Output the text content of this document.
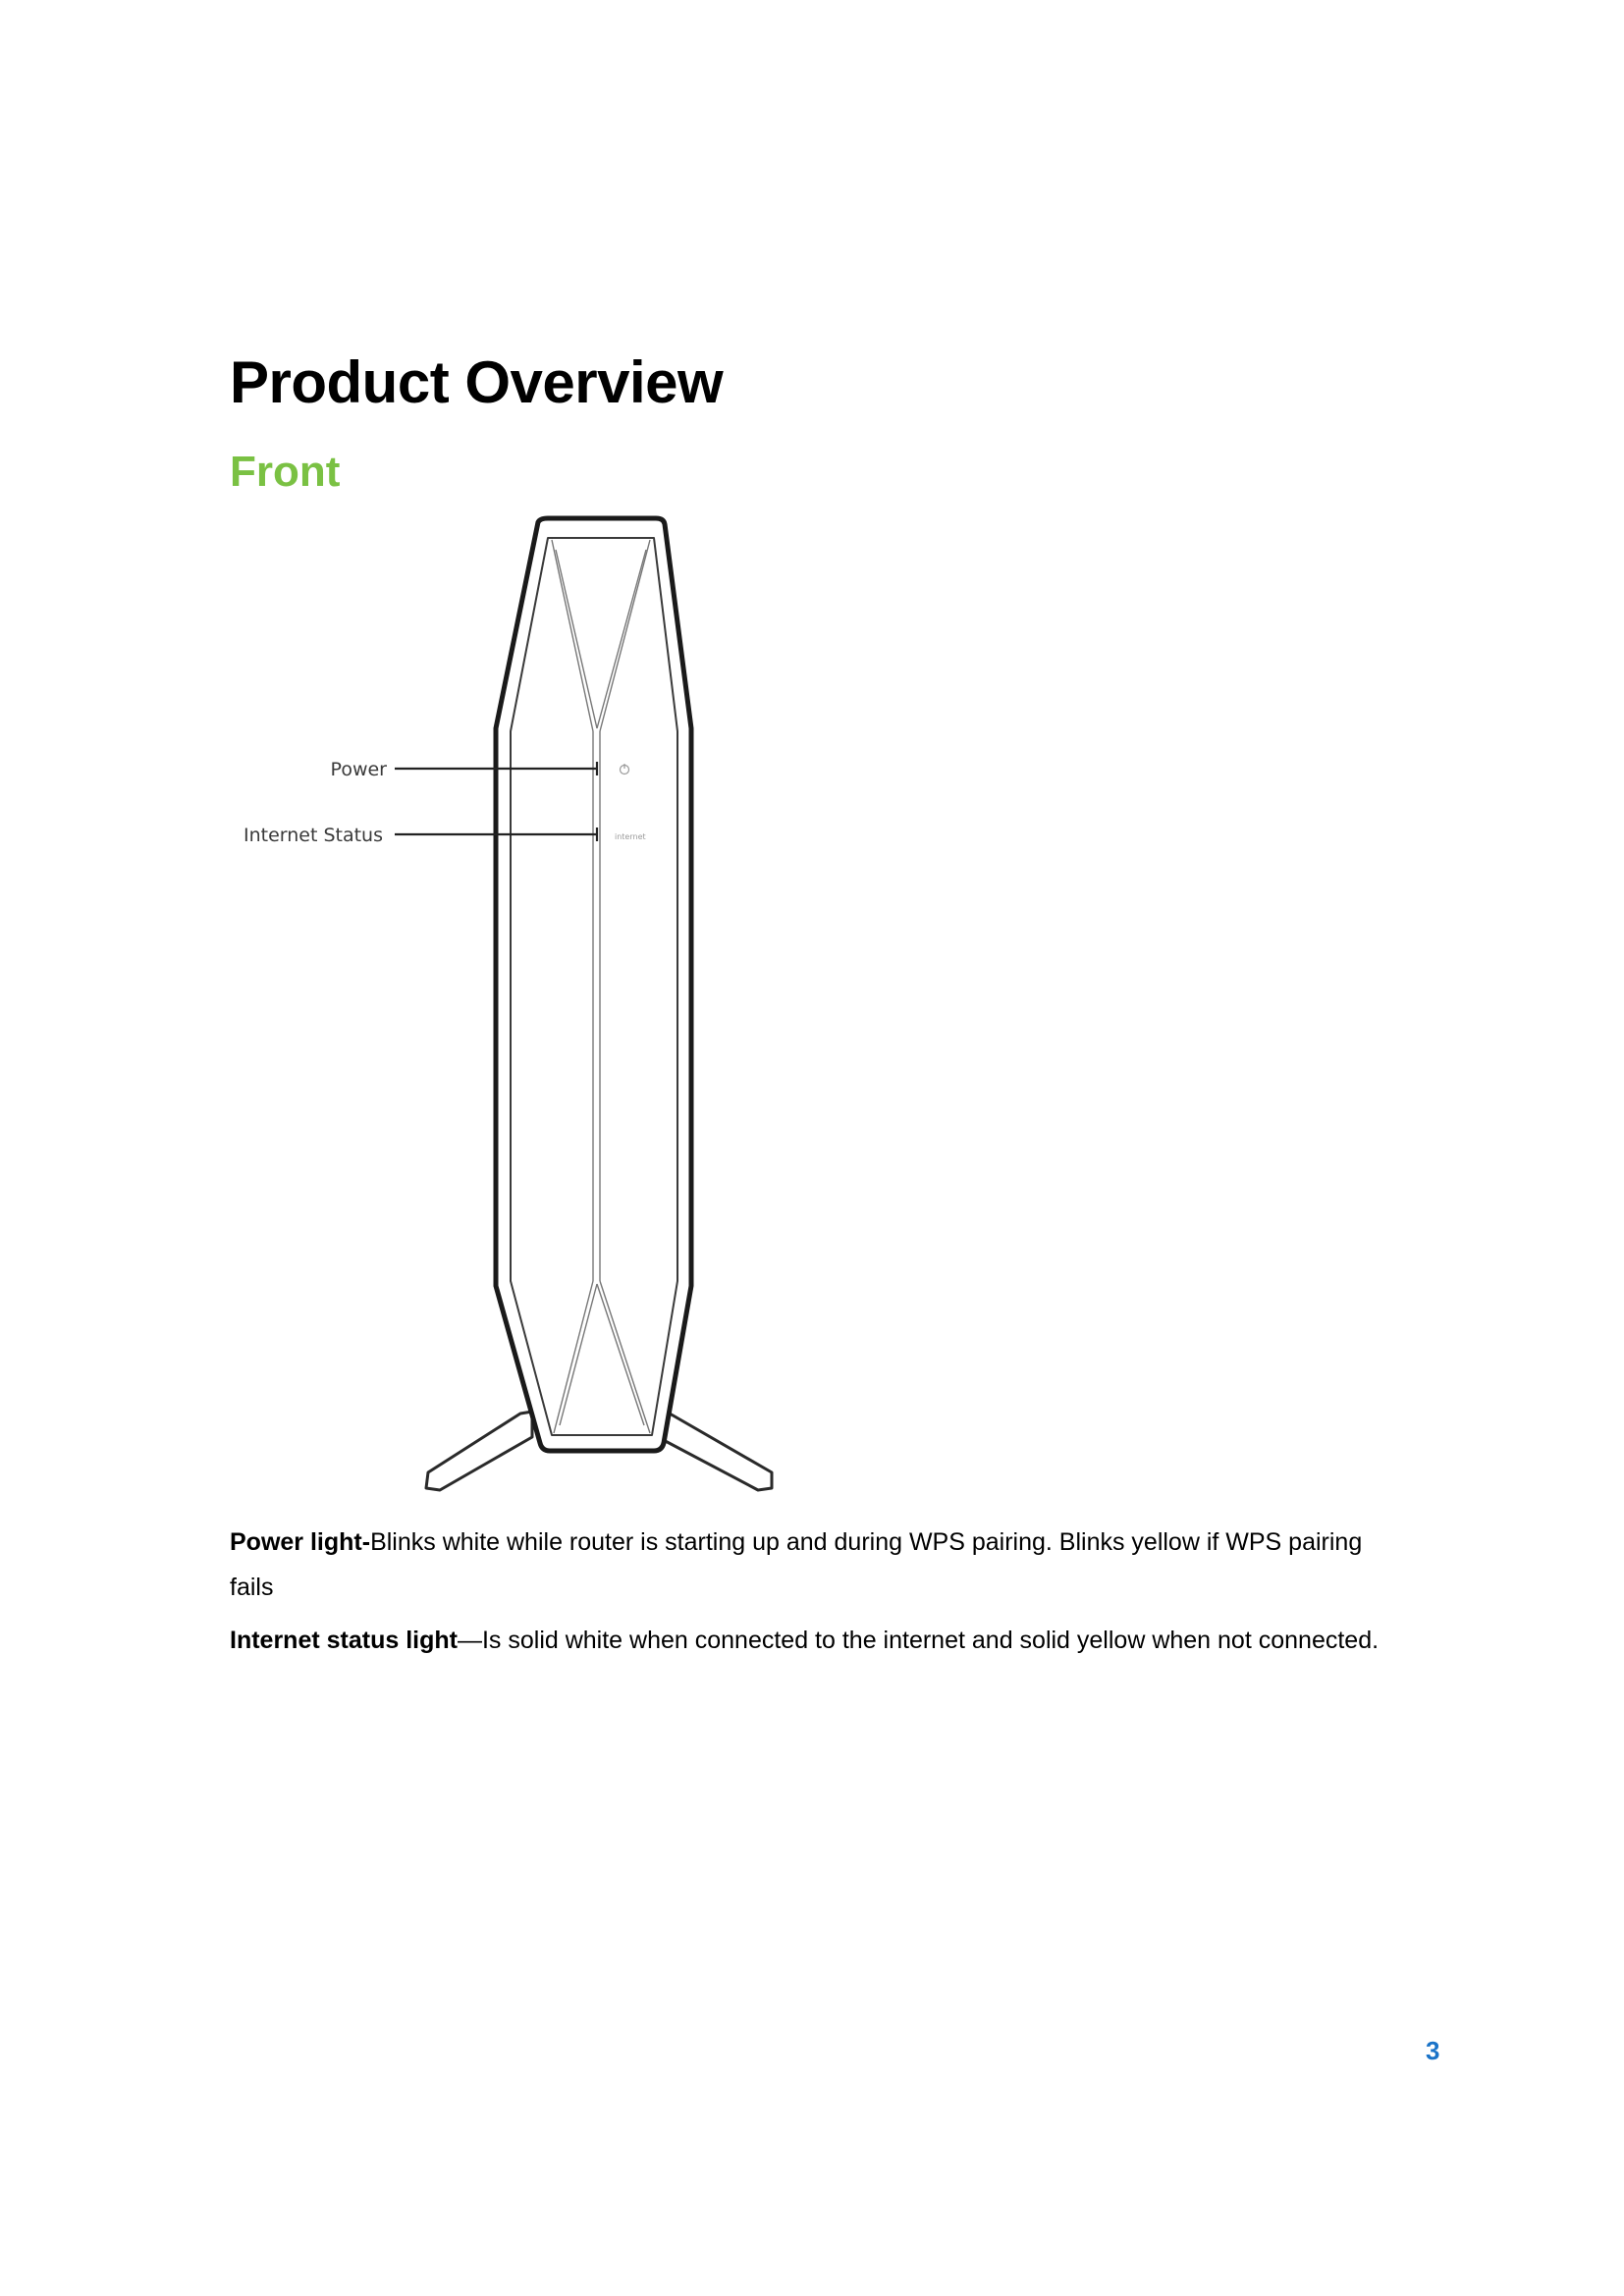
Product Overview
Front
internet
Power
Internet Status

Power light-Blinks white while router is starting up and during WPS pairing. Blinks yellow if WPS pairing fails

Internet status light—Is solid white when connected to the internet and solid yellow when not connected.

3
